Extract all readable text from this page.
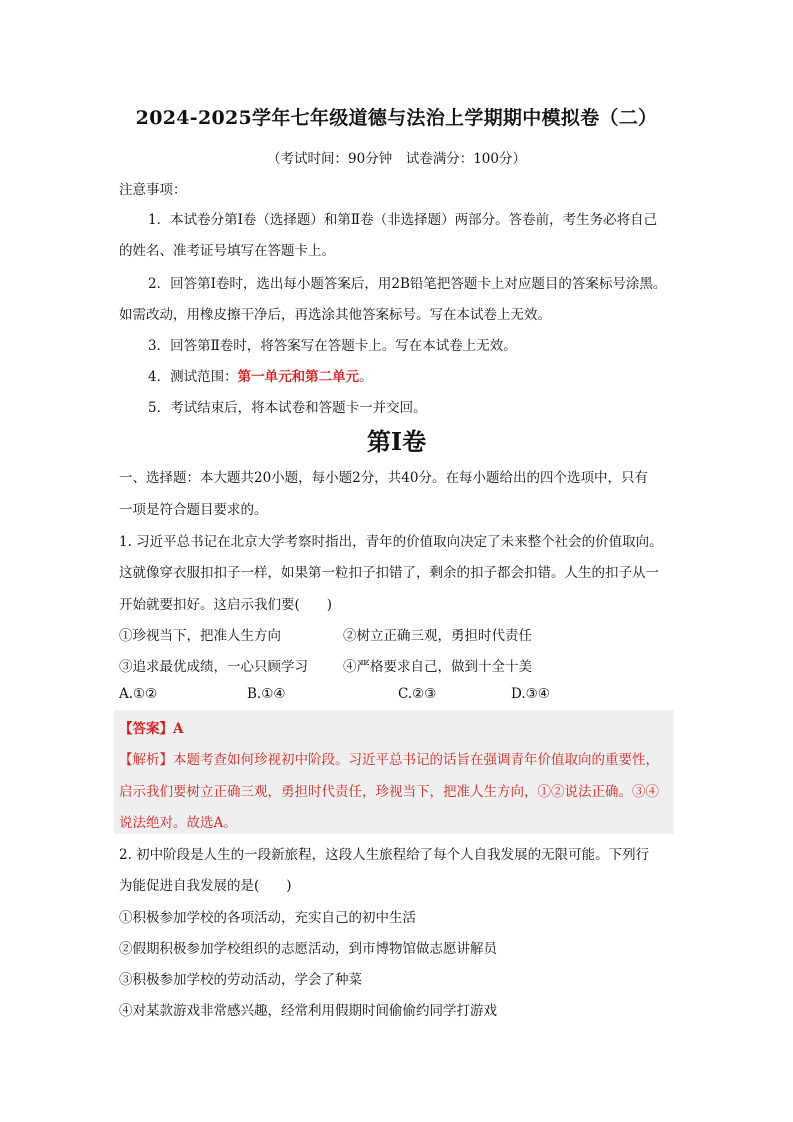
2024-2025学年七年级道德与法治上学期期中模拟卷（二）
（考试时间：90分钟　试卷满分：100分）
注意事项：
1．本试卷分第Ⅰ卷（选择题）和第Ⅱ卷（非选择题）两部分。答卷前，考生务必将自己
的姓名、准考证号填写在答题卡上。
2．回答第Ⅰ卷时，选出每小题答案后，用2B铅笔把答题卡上对应题目的答案标号涂黑。
如需改动，用橡皮擦干净后，再选涂其他答案标号。写在本试卷上无效。
3．回答第Ⅱ卷时，将答案写在答题卡上。写在本试卷上无效。
4．测试范围：第一单元和第二单元。
5．考试结束后，将本试卷和答题卡一并交回。
第Ⅰ卷
一、选择题：本大题共20小题，每小题2分，共40分。在每小题给出的四个选项中，只有
一项是符合题目要求的。
1. 习近平总书记在北京大学考察时指出，青年的价值取向决定了未来整个社会的价值取向。
这就像穿衣服扣扣子一样，如果第一粒扣子扣错了，剩余的扣子都会扣错。人生的扣子从一
开始就要扣好。这启示我们要(　　)
①珍视当下，把准人生方向	②树立正确三观，勇担时代责任
③追求最优成绩，一心只顾学习	④严格要求自己，做到十全十美
A.①②	B.①④	C.②③	D.③④
【答案】A
【解析】本题考查如何珍视初中阶段。习近平总书记的话旨在强调青年价值取向的重要性，
启示我们要树立正确三观，勇担时代责任，珍视当下，把准人生方向，①②说法正确。③④
说法绝对。故选A。
2. 初中阶段是人生的一段新旅程，这段人生旅程给了每个人自我发展的无限可能。下列行
为能促进自我发展的是(　　)
①积极参加学校的各项活动，充实自己的初中生活
②假期积极参加学校组织的志愿活动，到市博物馆做志愿讲解员
③积极参加学校的劳动活动，学会了种菜
④对某款游戏非常感兴趣，经常利用假期时间偷偷约同学打游戏
